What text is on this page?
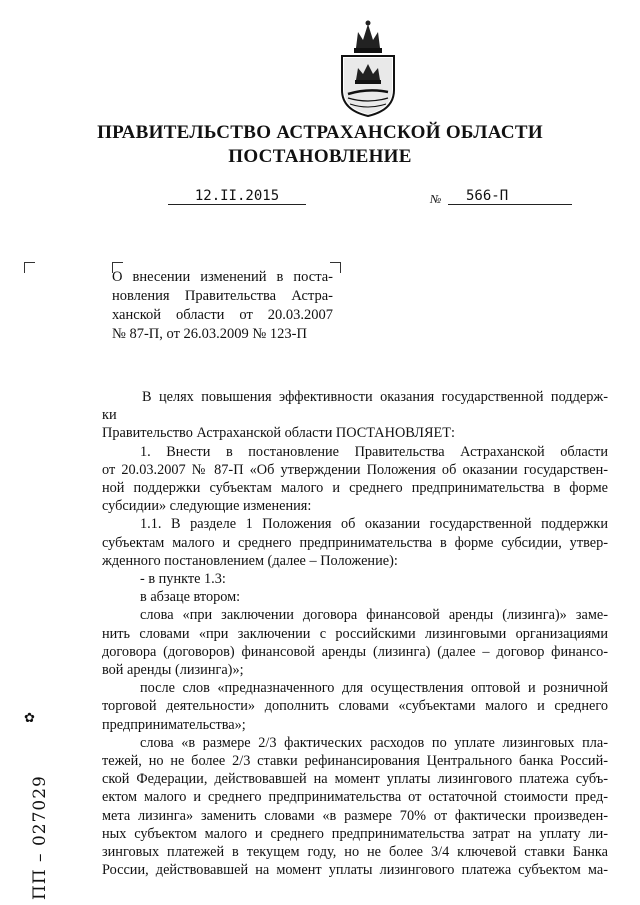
ПРАВИТЕЛЬСТВО АСТРАХАНСКОЙ ОБЛАСТИ
ПОСТАНОВЛЕНИЕ
12.II.2015	№	566-П
О внесении изменений в поста-
новления Правительства Астра-
ханской области от 20.03.2007
№ 87-П, от 26.03.2009 № 123-П
В целях повышения эффективности оказания государственной поддерж-
ки
Правительство Астраханской области ПОСТАНОВЛЯЕТ:
1. Внести в постановление Правительства Астраханской области
от 20.03.2007 № 87-П «Об утверждении Положения об оказании государствен-
ной поддержки субъектам малого и среднего предпринимательства в форме
субсидии» следующие изменения:
1.1. В разделе 1 Положения об оказании государственной поддержки
субъектам малого и среднего предпринимательства в форме субсидии, утвер-
жденного постановлением (далее – Положение):
- в пункте 1.3:
в абзаце втором:
слова «при заключении договора финансовой аренды (лизинга)» заме-
нить словами «при заключении с российскими лизинговыми организациями
договора (договоров) финансовой аренды (лизинга) (далее – договор финансо-
вой аренды (лизинга)»;
после слов «предназначенного для осуществления оптовой и розничной
торговой деятельности» дополнить словами «субъектами малого и среднего
предпринимательства»;
слова «в размере 2/3 фактических расходов по уплате лизинговых пла-
тежей, но не более 2/3 ставки рефинансирования Центрального банка Россий-
ской Федерации, действовавшей на момент уплаты лизингового платежа субъ-
ектом малого и среднего предпринимательства от остаточной стоимости пред-
мета лизинга» заменить словами «в размере 70% от фактически произведен-
ных субъектом малого и среднего предпринимательства затрат на уплату ли-
зинговых платежей в текущем году, но не более 3/4 ключевой ставки Банка
России, действовавшей на момент уплаты лизингового платежа субъектом ма-
✿
ПП – 027029
